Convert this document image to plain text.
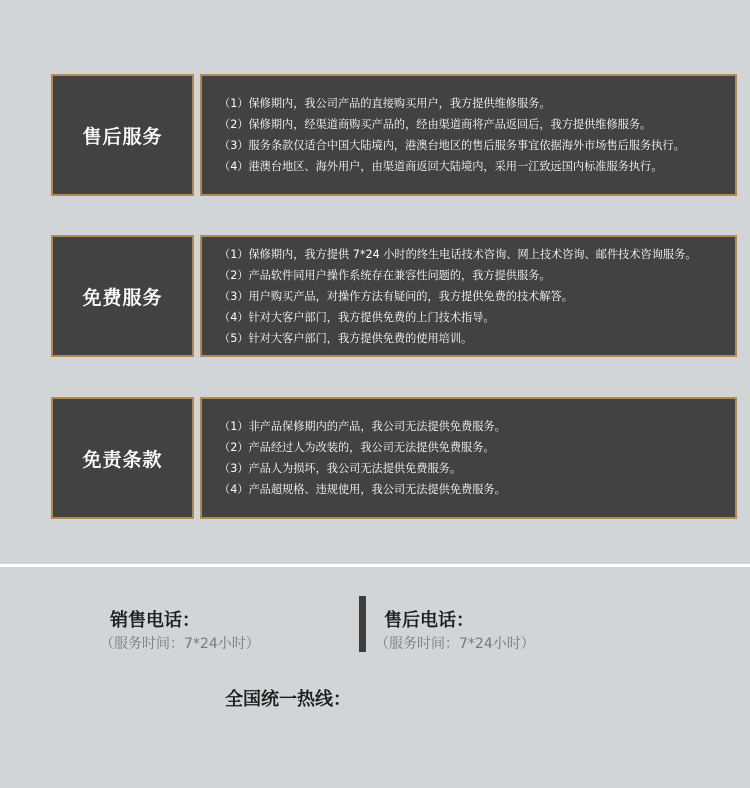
售后服务
（1）保修期内，我公司产品的直接购买用户，我方提供维修服务。
（2）保修期内，经渠道商购买产品的，经由渠道商将产品返回后，我方提供维修服务。
（3）服务条款仅适合中国大陆境内，港澳台地区的售后服务事宜依据海外市场售后服务执行。
（4）港澳台地区、海外用户，由渠道商返回大陆境内，采用一江致远国内标准服务执行。
免费服务
（1）保修期内，我方提供 7*24 小时的终生电话技术咨询、网上技术咨询、邮件技术咨询服务。
（2）产品软件同用户操作系统存在兼容性问题的，我方提供服务。
（3）用户购买产品，对操作方法有疑问的，我方提供免费的技术解答。
（4）针对大客户部门，我方提供免费的上门技术指导。
（5）针对大客户部门，我方提供免费的使用培训。
免责条款
（1）非产品保修期内的产品，我公司无法提供免费服务。
（2）产品经过人为改装的，我公司无法提供免费服务。
（3）产品人为损坏，我公司无法提供免费服务。
（4）产品超规格、违规使用，我公司无法提供免费服务。
销售电话：
（服务时间：7*24小时）
售后电话：
（服务时间：7*24小时）
全国统一热线：
